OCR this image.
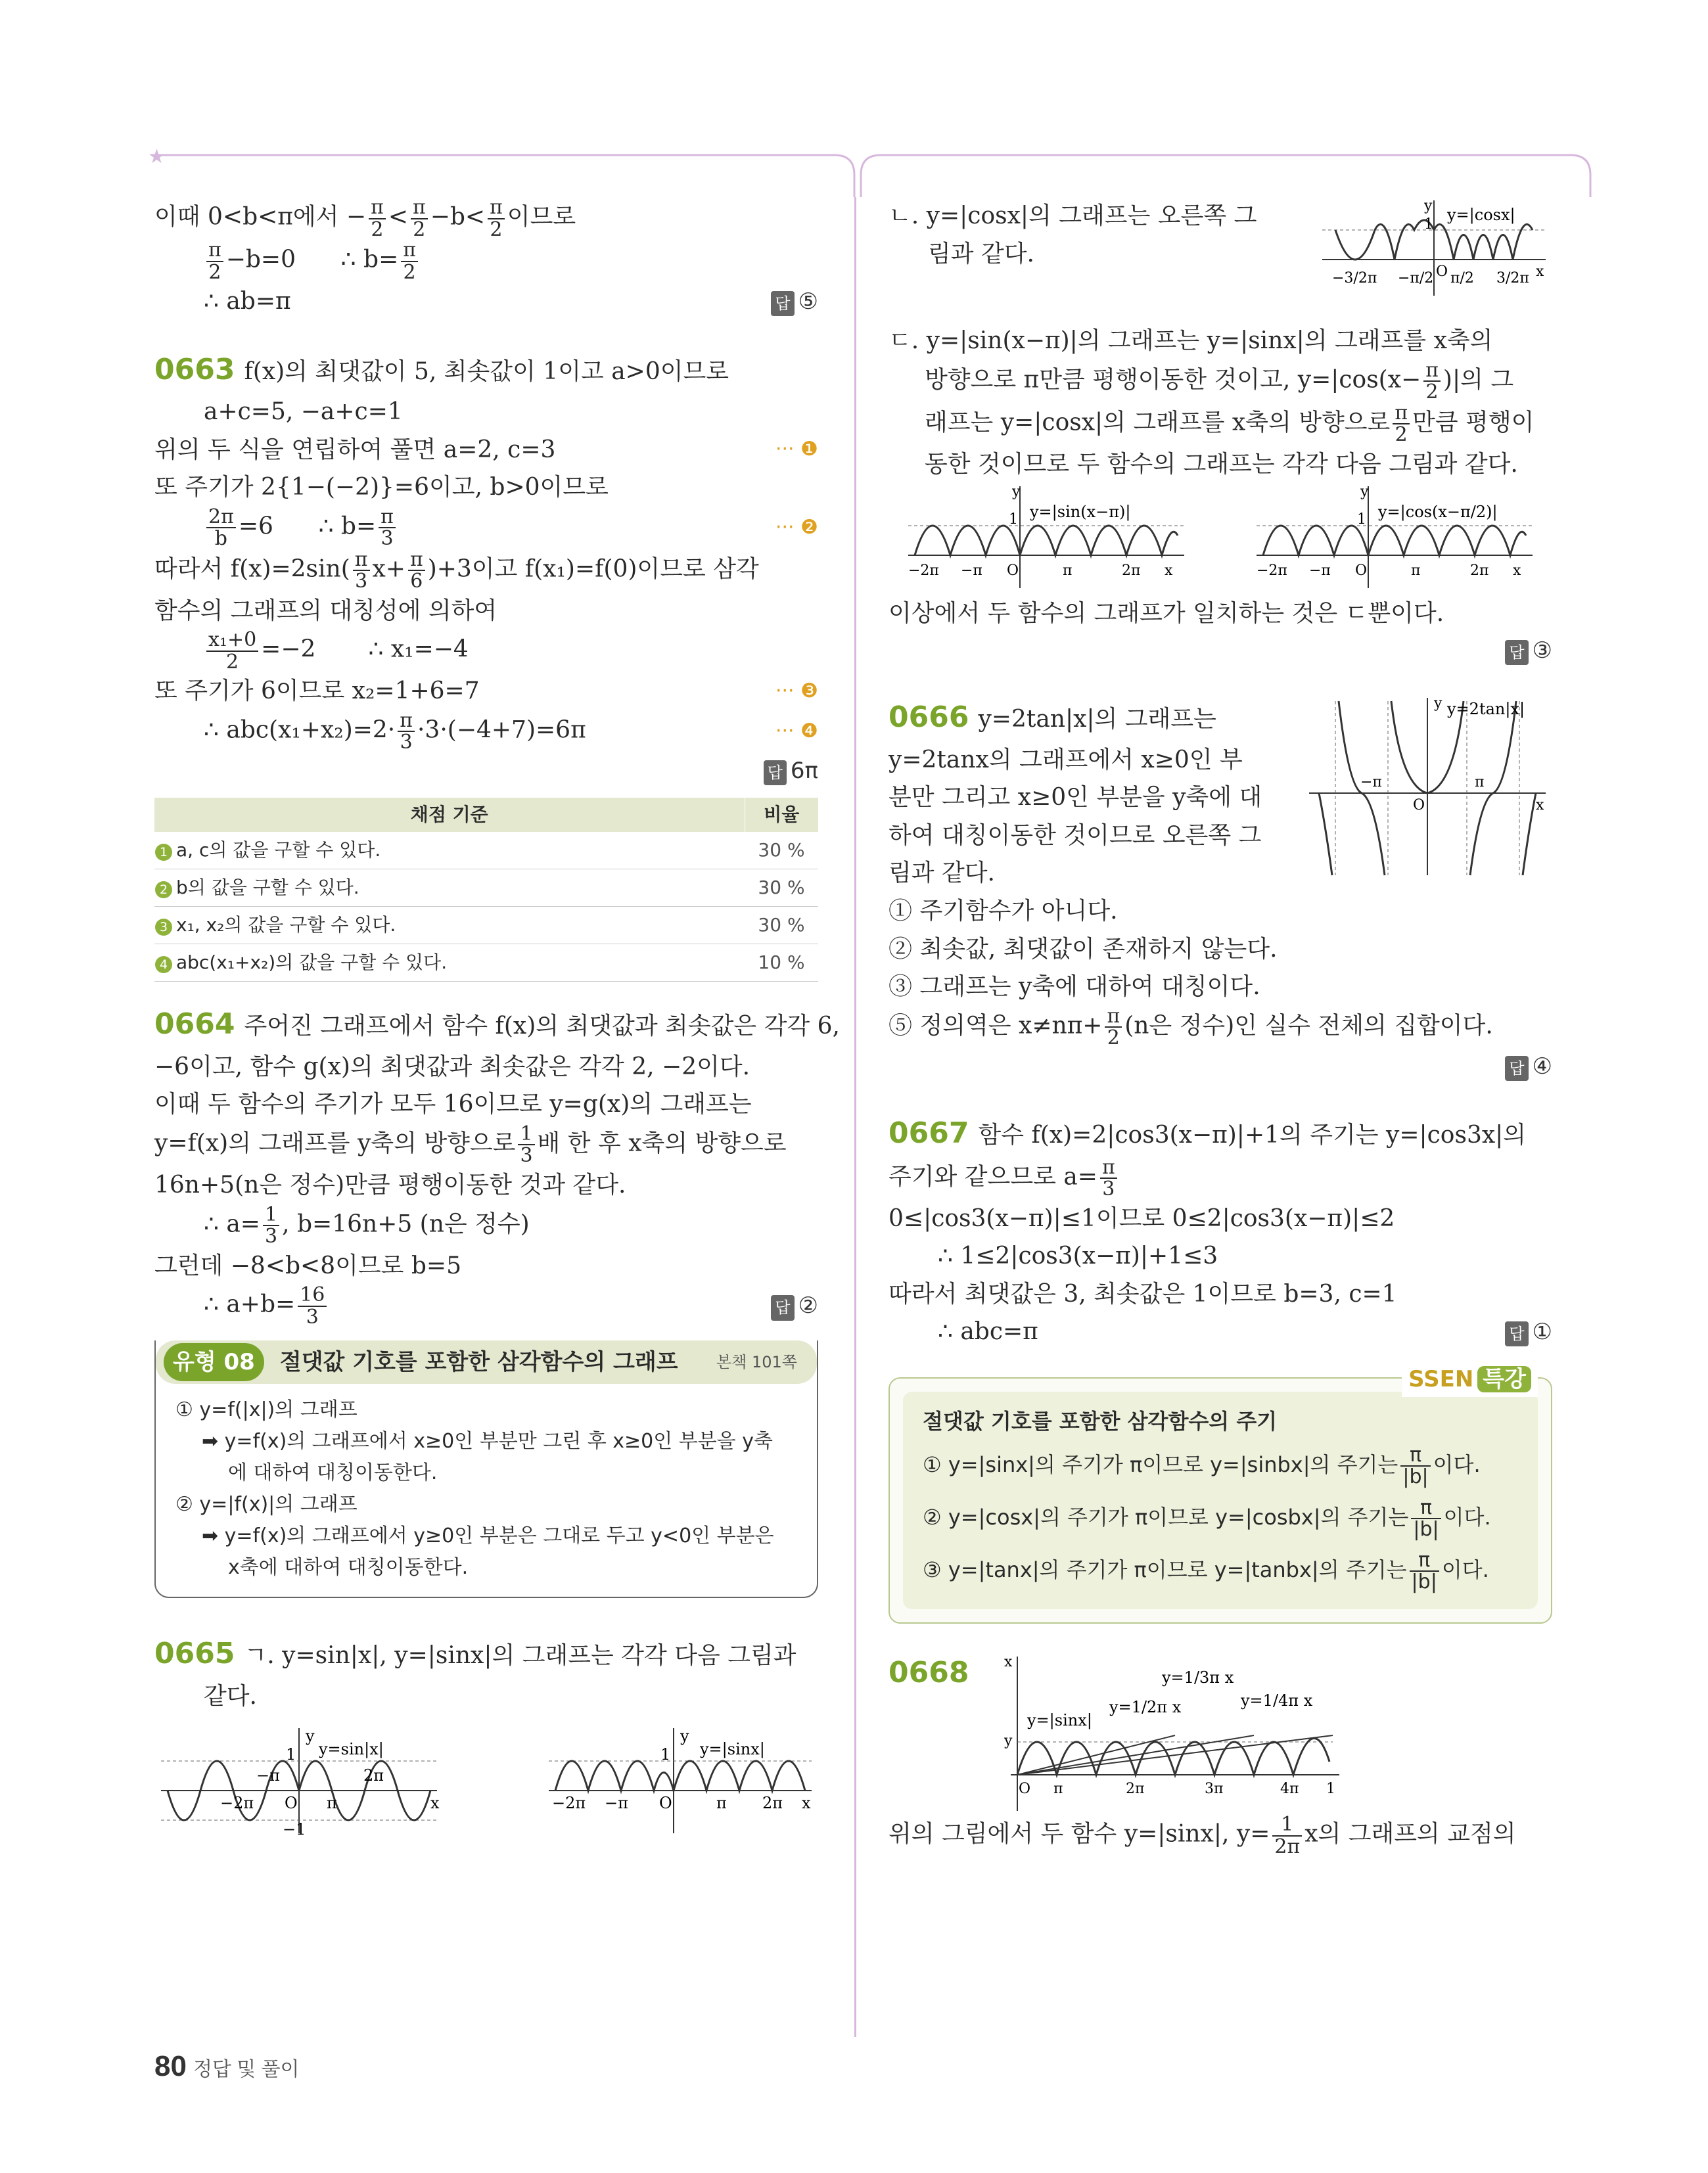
★
이때 0<b<π에서 − $\frac{\pi}{2} < \frac{\pi}{2} -b< \frac{\pi}{2}$ 이므로
$\frac{\pi}{2} -b=0$ ∴ $b= \frac{\pi}{2}$
∴ ab=π	답 ⑤
0663 f(x)의 최댓값이 5, 최솟값이 1이고 a>0이므로
a+c=5, −a+c=1
위의 두 식을 연립하여 풀면 a=2, c=3	··· ❶
또 주기가 2{1−(−2)}=6이고, b>0이므로
$\frac{2\pi}{b} =6$ ∴ $b= \frac{\pi}{3}$	··· ❷
따라서 $f(x)=2\sin( \frac{\pi}{3} x+ \frac{\pi}{6} )+3$이고 f(x₁)=f(0)이므로 삼각
함수의 그래프의 대칭성에 의하여
$\frac{\text{x₁+0}}{2} =-2$ ∴ x₁=−4
또 주기가 6이므로 x₂=1+6=7	··· ❸
∴ $abc(x_1+x_2)=2\cdot \frac{\pi}{3} \cdot 3\cdot(-4+7)=6\pi$	··· ❹
답 6π
채점 기준	비율
1 a, c의 값을 구할 수 있다.	30 %
2 b의 값을 구할 수 있다.	30 %
3 x₁, x₂의 값을 구할 수 있다.	30 %
4 abc(x₁+x₂)의 값을 구할 수 있다.	10 %
0664 주어진 그래프에서 함수 f(x)의 최댓값과 최솟값은 각각 6,
−6이고, 함수 g(x)의 최댓값과 최솟값은 각각 2, −2이다.
이때 두 함수의 주기가 모두 16이므로 y=g(x)의 그래프는
y=f(x)의 그래프를 y축의 방향으로 $\frac{1}{3}$ 배 한 후 x축의 방향으로
16n+5(n은 정수)만큼 평행이동한 것과 같다.
∴ $a= \frac{1}{3}$ , b=16n+5 (n은 정수)
그런데 −8<b<8이므로 b=5
∴ $a+b= \frac{16}{3}$	답 ②
유형 08	절댓값 기호를 포함한 삼각함수의 그래프	본책 101쪽
① y=f(|x|)의 그래프
➡ y=f(x)의 그래프에서 x≥0인 부분만 그린 후 x≥0인 부분을 y축
에 대하여 대칭이동한다.
② y=|f(x)|의 그래프
➡ y=f(x)의 그래프에서 y≥0인 부분은 그대로 두고 y<0인 부분은
x축에 대하여 대칭이동한다.
0665 ㄱ. y=sin|x|, y=|sinx|의 그래프는 각각 다음 그림과
같다.
y
1 y=sin|x|
−1
−2π
−π
O π
2π
x
y
1 y=|sinx|
−2π −π O	π 2π x
ㄴ. y=|cosx|의 그래프는 오른쪽 그
림과 같다.
y
1
y=|cosx|
−3/2π −π/2 O π/2 3/2π x
ㄷ. y=|sin(x−π)|의 그래프는 y=|sinx|의 그래프를 x축의
방향으로 π만큼 평행이동한 것이고, $y=|\cos(x- \frac{\pi}{2}$ )|의 그
래프는 y=|cosx|의 그래프를 x축의 방향으로 $\frac{\pi}{2}$ 만큼 평행이
동한 것이므로 두 함수의 그래프는 각각 다음 그림과 같다.
y
1 y=|sin(x−π)|
−2π −π O	π	2π x
y
1 y=|cos(x−π/2)|
−2π −π O	π	2π x
이상에서 두 함수의 그래프가 일치하는 것은 ㄷ뿐이다.
답 ③
0666 y=2tan|x|의 그래프는
y=2tanx의 그래프에서 x≥0인 부
분만 그리고 x≥0인 부분을 y축에 대
하여 대칭이동한 것이므로 오른쪽 그
림과 같다.
y y=2tan|x|
−π
O
π
x
① 주기함수가 아니다.
② 최솟값, 최댓값이 존재하지 않는다.
③ 그래프는 y축에 대하여 대칭이다.
⑤ 정의역은 $x\ne n\pi+ \frac{\pi}{2} (n$은 정수)인 실수 전체의 집합이다.
답 ④
0667 함수 f(x)=2|cos3(x−π)|+1의 주기는 y=|cos3x|의
주기와 같으므로 $a= \frac{\pi}{3}$
0≤|cos3(x−π)|≤1이므로 0≤2|cos3(x−π)|≤2
∴ 1≤2|cos3(x−π)|+1≤3
따라서 최댓값은 3, 최솟값은 1이므로 b=3, c=1
∴ abc=π	답 ①
SSEN 특강
절댓값 기호를 포함한 삼각함수의 주기
① y=|sinx|의 주기가 π이므로 y=|sinbx|의 주기는 $\frac{\pi}{|b|}$ 이다.
② y=|cosx|의 주기가 π이므로 y=|cosbx|의 주기는 $\frac{\pi}{|b|}$ 이다.
③ y=|tanx|의 주기가 π이므로 y=|tanbx|의 주기는 $\frac{\pi}{|b|}$ 이다.
0668 x
y
y=|sinx|
y=1/2π x
y=1/3π x
y=1/4π x
O π	2π	3π	4π 1
위의 그림에서 두 함수 y=|sinx|, $y= \frac{1}{2\pi}$ x의 그래프의 교점의
80 정답 및 풀이
